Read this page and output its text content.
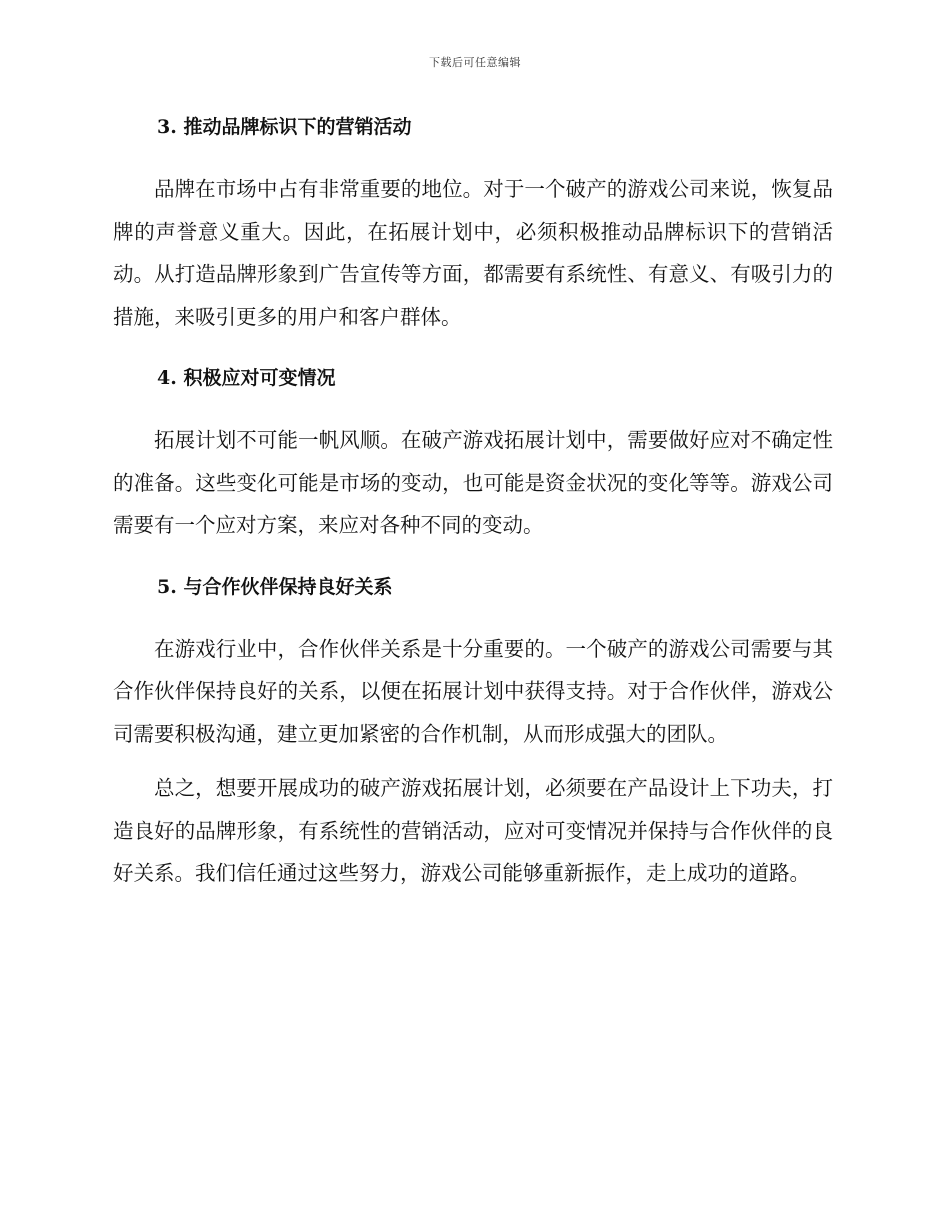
下载后可任意编辑
3. 推动品牌标识下的营销活动

品牌在市场中占有非常重要的地位。对于一个破产的游戏公司来说，恢复品牌的声誉意义重大。因此，在拓展计划中，必须积极推动品牌标识下的营销活动。从打造品牌形象到广告宣传等方面，都需要有系统性、有意义、有吸引力的措施，来吸引更多的用户和客户群体。

4. 积极应对可变情况

拓展计划不可能一帆风顺。在破产游戏拓展计划中，需要做好应对不确定性的准备。这些变化可能是市场的变动，也可能是资金状况的变化等等。游戏公司需要有一个应对方案，来应对各种不同的变动。

5. 与合作伙伴保持良好关系

在游戏行业中，合作伙伴关系是十分重要的。一个破产的游戏公司需要与其合作伙伴保持良好的关系，以便在拓展计划中获得支持。对于合作伙伴，游戏公司需要积极沟通，建立更加紧密的合作机制，从而形成强大的团队。

总之，想要开展成功的破产游戏拓展计划，必须要在产品设计上下功夫，打造良好的品牌形象，有系统性的营销活动，应对可变情况并保持与合作伙伴的良好关系。我们信任通过这些努力，游戏公司能够重新振作，走上成功的道路。
